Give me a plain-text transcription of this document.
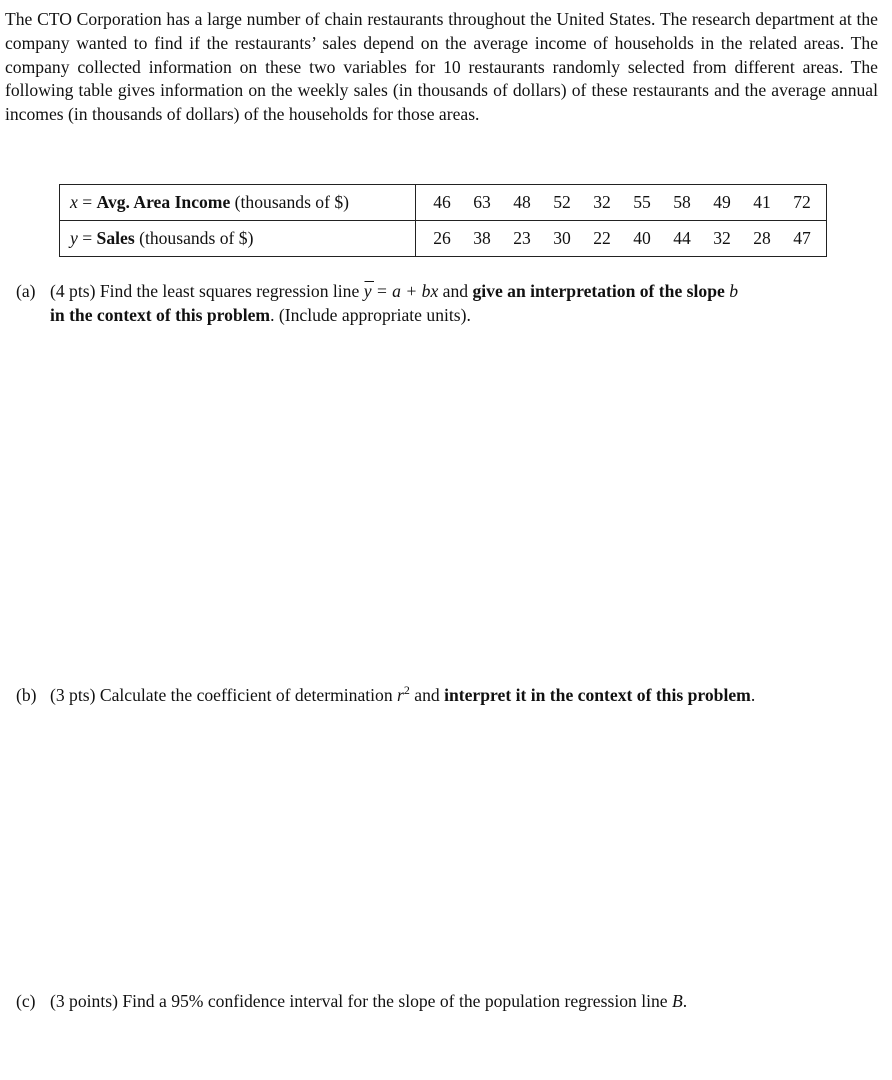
The CTO Corporation has a large number of chain restaurants throughout the United States. The research department at the company wanted to find if the restaurants’ sales depend on the average income of households in the related areas. The company collected information on these two variables for 10 restaurants randomly selected from different areas. The following table gives information on the weekly sales (in thousands of dollars) of these restaurants and the average annual incomes (in thousands of dollars) of the households for those areas.

x = Avg. Area Income (thousands of $)	46	63	48	52	32	55	58	49	41	72
y = Sales (thousands of $)	26	38	23	30	22	40	44	32	28	47
(a) (4 pts) Find the least squares regression line y = a + bx and give an interpretation of the slope b
in the context of this problem. (Include appropriate units).
(b) (3 pts) Calculate the coefficient of determination $r^2$ and interpret it in the context of this problem.
(c) (3 points) Find a 95% confidence interval for the slope of the population regression line B.
